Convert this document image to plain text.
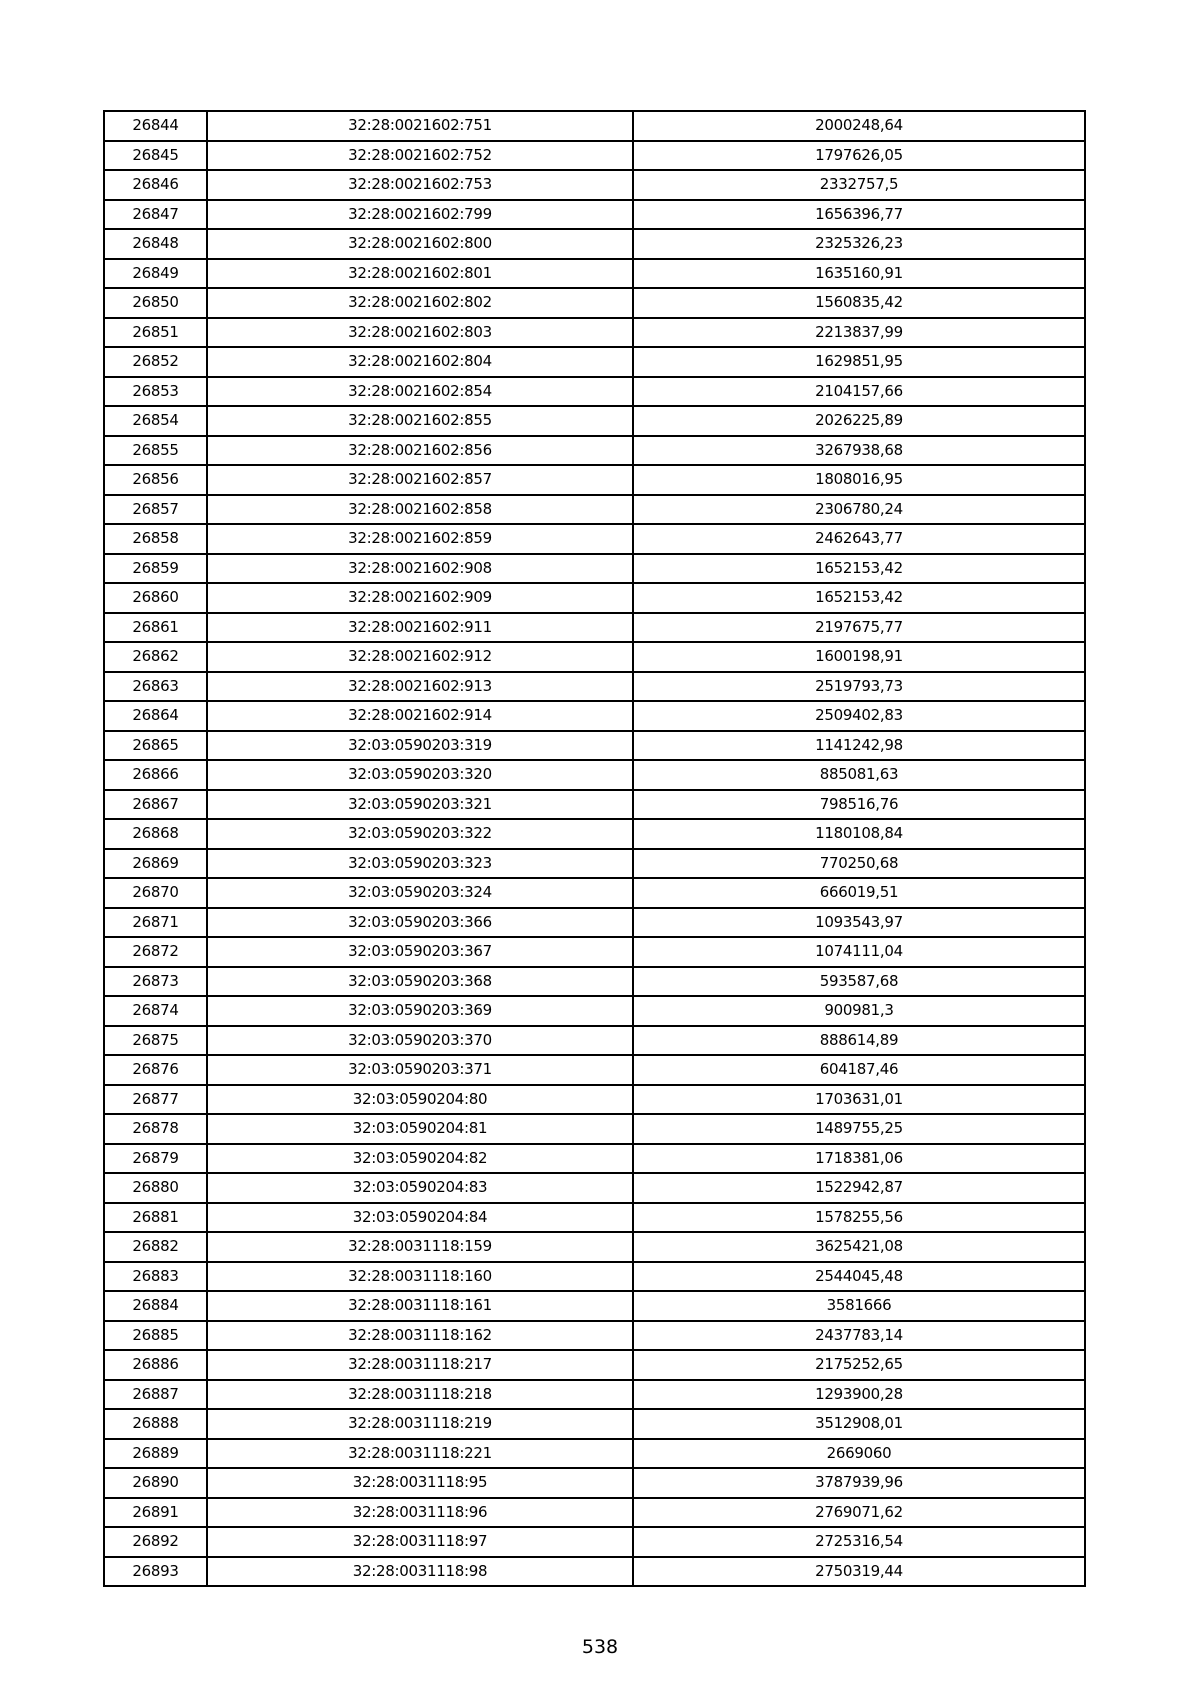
26844	32:28:0021602:751	2000248,64
26845	32:28:0021602:752	1797626,05
26846	32:28:0021602:753	2332757,5
26847	32:28:0021602:799	1656396,77
26848	32:28:0021602:800	2325326,23
26849	32:28:0021602:801	1635160,91
26850	32:28:0021602:802	1560835,42
26851	32:28:0021602:803	2213837,99
26852	32:28:0021602:804	1629851,95
26853	32:28:0021602:854	2104157,66
26854	32:28:0021602:855	2026225,89
26855	32:28:0021602:856	3267938,68
26856	32:28:0021602:857	1808016,95
26857	32:28:0021602:858	2306780,24
26858	32:28:0021602:859	2462643,77
26859	32:28:0021602:908	1652153,42
26860	32:28:0021602:909	1652153,42
26861	32:28:0021602:911	2197675,77
26862	32:28:0021602:912	1600198,91
26863	32:28:0021602:913	2519793,73
26864	32:28:0021602:914	2509402,83
26865	32:03:0590203:319	1141242,98
26866	32:03:0590203:320	885081,63
26867	32:03:0590203:321	798516,76
26868	32:03:0590203:322	1180108,84
26869	32:03:0590203:323	770250,68
26870	32:03:0590203:324	666019,51
26871	32:03:0590203:366	1093543,97
26872	32:03:0590203:367	1074111,04
26873	32:03:0590203:368	593587,68
26874	32:03:0590203:369	900981,3
26875	32:03:0590203:370	888614,89
26876	32:03:0590203:371	604187,46
26877	32:03:0590204:80	1703631,01
26878	32:03:0590204:81	1489755,25
26879	32:03:0590204:82	1718381,06
26880	32:03:0590204:83	1522942,87
26881	32:03:0590204:84	1578255,56
26882	32:28:0031118:159	3625421,08
26883	32:28:0031118:160	2544045,48
26884	32:28:0031118:161	3581666
26885	32:28:0031118:162	2437783,14
26886	32:28:0031118:217	2175252,65
26887	32:28:0031118:218	1293900,28
26888	32:28:0031118:219	3512908,01
26889	32:28:0031118:221	2669060
26890	32:28:0031118:95	3787939,96
26891	32:28:0031118:96	2769071,62
26892	32:28:0031118:97	2725316,54
26893	32:28:0031118:98	2750319,44
538
